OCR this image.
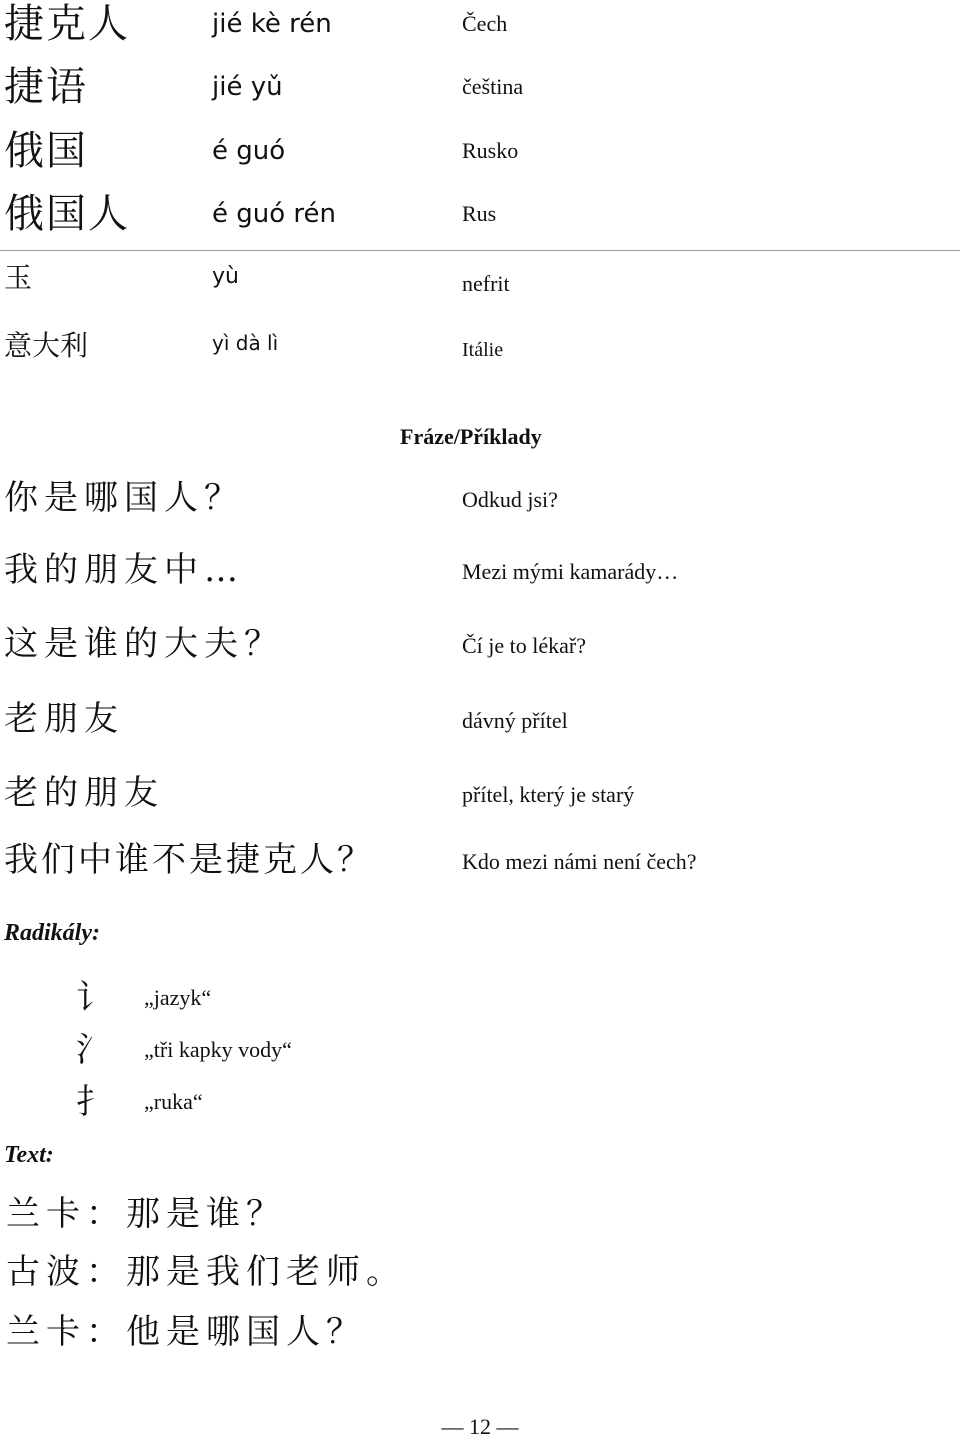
捷克人	jié kè rén	Čech
捷语	jié yǔ	čeština
俄国	é guó	Rusko
俄国人	é guó rén	Rus
玉	yù	nefrit
意大利	yì dà lì	Itálie
Fráze/Příklady
你是哪国人？	Odkud jsi?
我的朋友中…	Mezi mými kamarády…
这是谁的大夫？	Čí je to lékař?
老朋友	dávný přítel
老的朋友	přítel, který je starý
我们中谁不是捷克人？	Kdo mezi námi není čech?
Radikály:
讠 „jazyk“
氵 „tři kapky vody“
扌 „ruka“
Text:
兰卡：那是谁？
古波：那是我们老师。
兰卡：他是哪国人？
— 12 —
